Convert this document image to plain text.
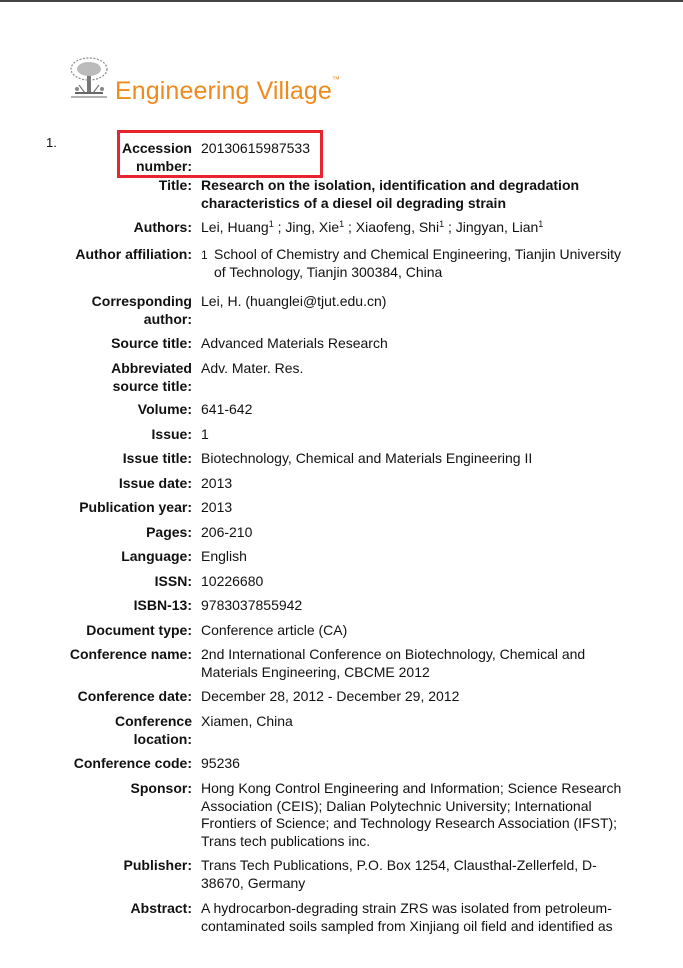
Engineering Village™
1.	Accession
number:
20130615987533
Title: Research on the isolation, identification and degradation
characteristics of a diesel oil degrading strain
Authors: Lei, Huang$^1$ ; Jing, Xie$^1$ ; Xiaofeng, Shi$^1$ ; Jingyan, Lian$^1$
Author affiliation: 1 School of Chemistry and Chemical Engineering, Tianjin University
of Technology, Tianjin 300384, China
Corresponding
author:
Lei, H. (huanglei@tjut.edu.cn)
Source title: Advanced Materials Research
Abbreviated
source title:
Adv. Mater. Res.
Volume: 641-642
Issue: 1
Issue title: Biotechnology, Chemical and Materials Engineering II
Issue date: 2013
Publication year: 2013
Pages: 206-210
Language: English
ISSN: 10226680
ISBN-13: 9783037855942
Document type: Conference article (CA)
Conference name: 2nd International Conference on Biotechnology, Chemical and
Materials Engineering, CBCME 2012
Conference date: December 28, 2012 - December 29, 2012
Conference
location:
Xiamen, China
Conference code: 95236
Sponsor: Hong Kong Control Engineering and Information; Science Research
Association (CEIS); Dalian Polytechnic University; International
Frontiers of Science; and Technology Research Association (IFST);
Trans tech publications inc.
Publisher: Trans Tech Publications, P.O. Box 1254, Clausthal-Zellerfeld, D-
38670, Germany
Abstract: A hydrocarbon-degrading strain ZRS was isolated from petroleum-
contaminated soils sampled from Xinjiang oil field and identified as
